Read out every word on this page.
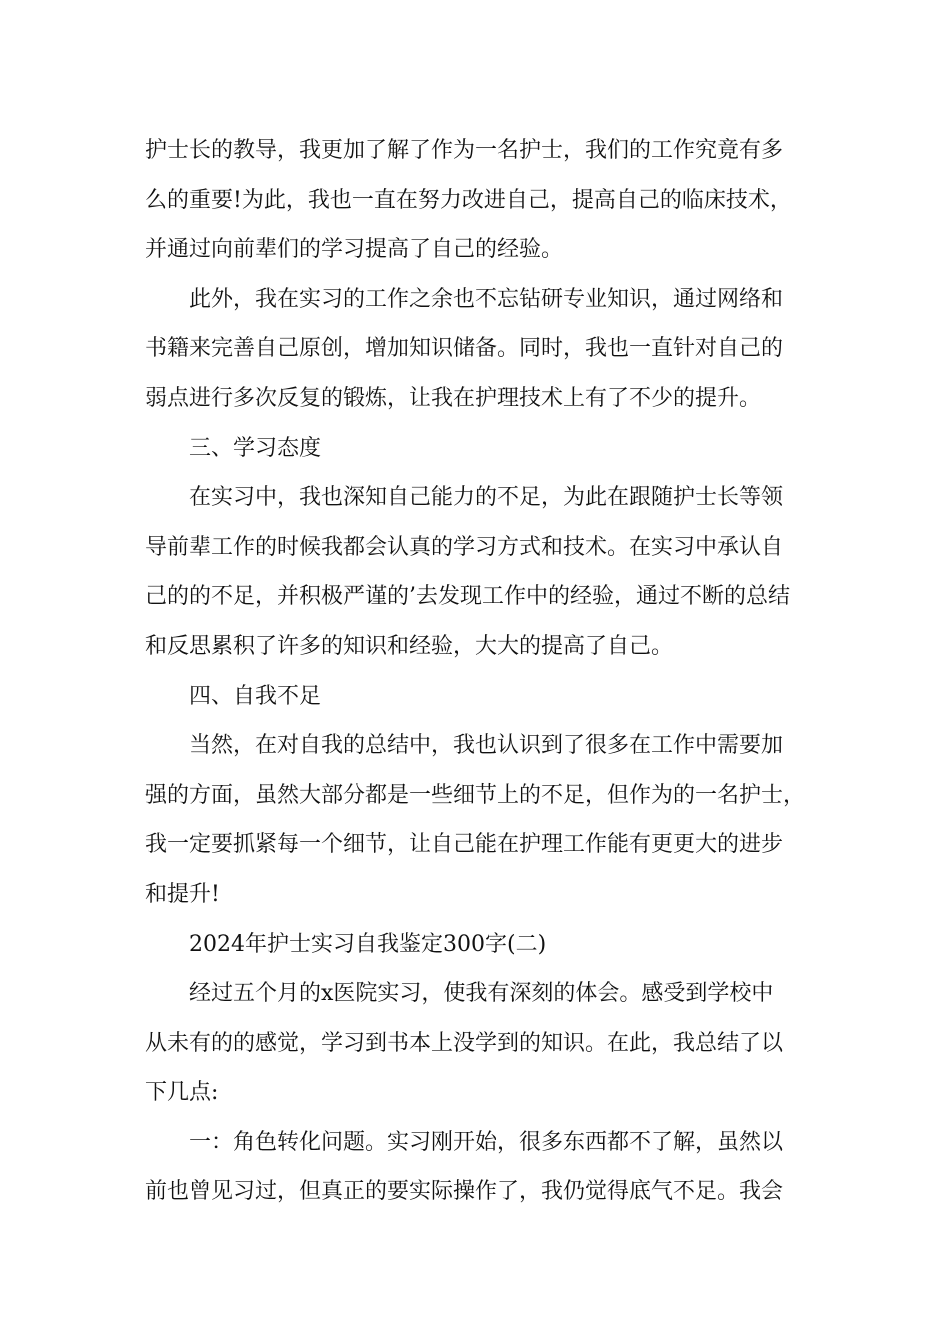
护士长的教导，我更加了解了作为一名护士，我们的工作究竟有多
么的重要!为此，我也一直在努力改进自己，提高自己的临床技术，
并通过向前辈们的学习提高了自己的经验。
此外，我在实习的工作之余也不忘钻研专业知识，通过网络和
书籍来完善自己原创，增加知识储备。同时，我也一直针对自己的
弱点进行多次反复的锻炼，让我在护理技术上有了不少的提升。
三、学习态度
在实习中，我也深知自己能力的不足，为此在跟随护士长等领
导前辈工作的时候我都会认真的学习方式和技术。在实习中承认自
己的的不足，并积极严谨的’去发现工作中的经验，通过不断的总结
和反思累积了许多的知识和经验，大大的提高了自己。
四、自我不足
当然，在对自我的总结中，我也认识到了很多在工作中需要加
强的方面，虽然大部分都是一些细节上的不足，但作为的一名护士，
我一定要抓紧每一个细节，让自己能在护理工作能有更更大的进步
和提升!
2024年护士实习自我鉴定300字(二)
经过五个月的x医院实习，使我有深刻的体会。感受到学校中
从未有的的感觉，学习到书本上没学到的知识。在此，我总结了以
下几点:
一：角色转化问题。实习刚开始，很多东西都不了解，虽然以
前也曾见习过，但真正的要实际操作了，我仍觉得底气不足。我会
